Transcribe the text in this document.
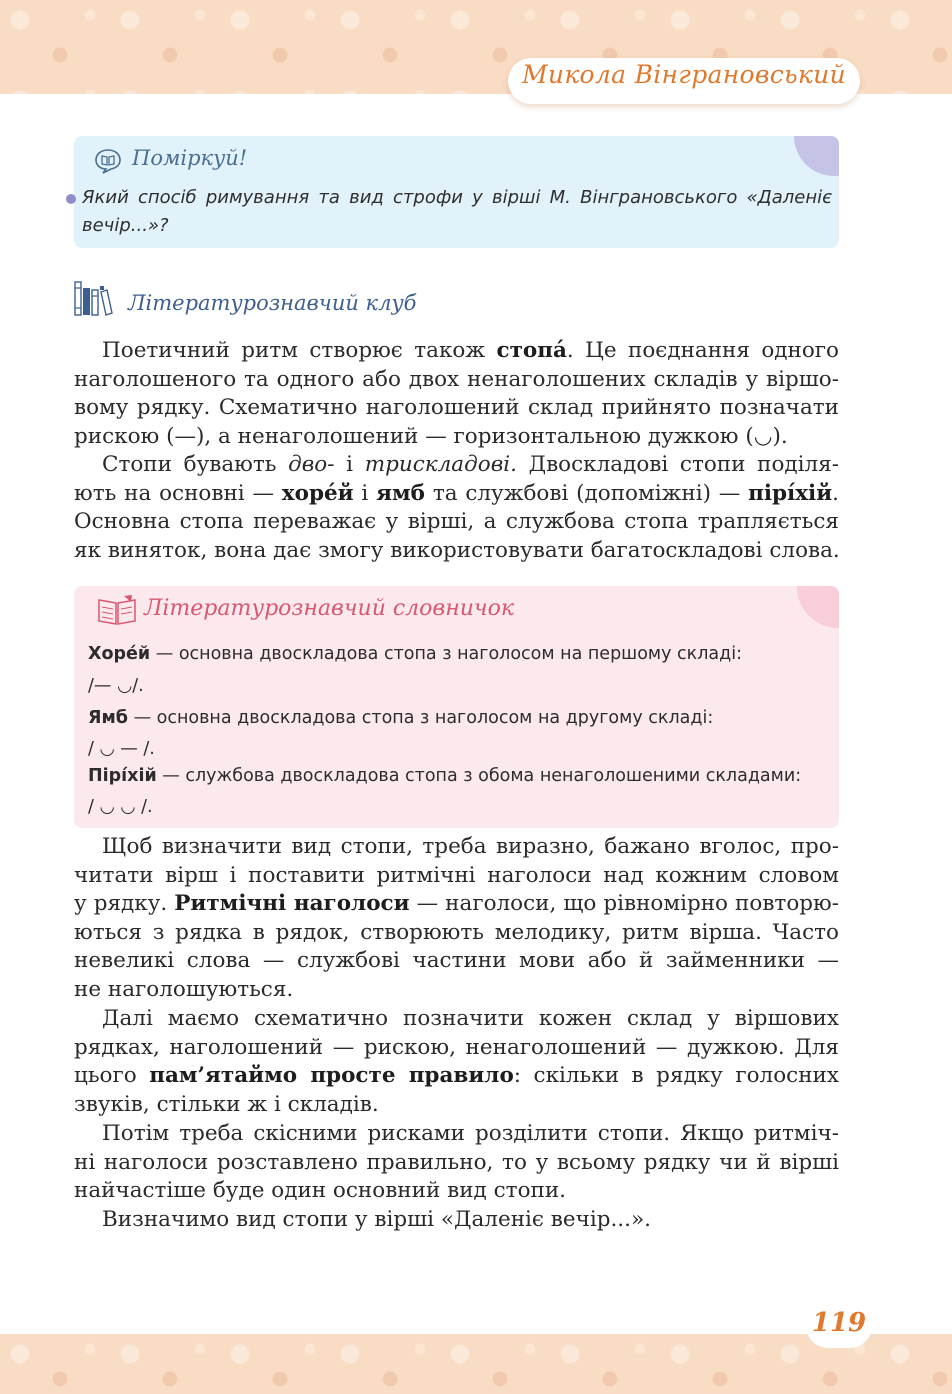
Микола Вінграновський
Поміркуй!
Який спосіб римування та вид строфи у вірші М. Вінграновського «Даленіє вечір...»?
Літературознавчий клуб
Поетичний ритм створює також стопа́. Це поєднання одного
наголошеного та одного або двох ненаголошених складів у віршо-
вому рядку. Схематично наголошений склад прийнято позначати
рискою (—), а ненаголошений — горизонтальною дужкою (◡).
Стопи бувають дво- і трискладові. Двоскладові стопи поділя-
ють на основні — хоре́й і ямб та службові (допоміжні) — пірі́хій.
Основна стопа переважає у вірші, а службова стопа трапляється
як виняток, вона дає змогу використовувати багатоскладові слова.
Літературознавчий словничок
Хоре́й — основна двоскладова стопа з наголосом на першому складі:
/— ◡/.
Ямб — основна двоскладова стопа з наголосом на другому складі:
/ ◡ — /.
Пірі́хій — службова двоскладова стопа з обома ненаголошеними складами:
/ ◡ ◡ /.
Щоб визначити вид стопи, треба виразно, бажано вголос, про-
читати вірш і поставити ритмічні наголоси над кожним словом
у рядку. Ритмічні наголоси — наголоси, що рівномірно повторю-
ються з рядка в рядок, створюють мелодику, ритм вірша. Часто
невеликі слова — службові частини мови або й займенники —
не наголошуються.
Далі маємо схематично позначити кожен склад у віршових
рядках, наголошений — рискою, ненаголошений — дужкою. Для
цього пам’ятаймо просте правило: скільки в рядку голосних
звуків, стільки ж і складів.
Потім треба скісними рисками розділити стопи. Якщо ритміч-
ні наголоси розставлено правильно, то у всьому рядку чи й вірші
найчастіше буде один основний вид стопи.
Визначимо вид стопи у вірші «Даленіє вечір...».
119
